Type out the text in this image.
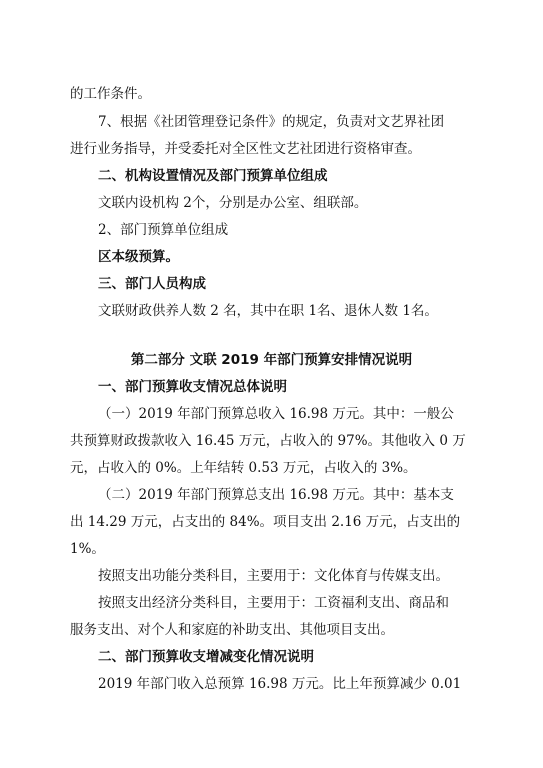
的工作条件。
7、根据《社团管理登记条件》的规定，负责对文艺界社团
进行业务指导，并受委托对全区性文艺社团进行资格审查。
二、机构设置情况及部门预算单位组成
文联内设机构 2个，分别是办公室、组联部。
2、部门预算单位组成
区本级预算。
三、部门人员构成
文联财政供养人数 2 名，其中在职 1名、退休人数 1名。
第二部分 文联 2019 年部门预算安排情况说明
一、部门预算收支情况总体说明
（一）2019 年部门预算总收入 16.98 万元。其中：一般公
共预算财政拨款收入 16.45 万元，占收入的 97%。其他收入 0 万
元，占收入的 0%。上年结转 0.53 万元，占收入的 3%。
（二）2019 年部门预算总支出 16.98 万元。其中：基本支
出 14.29 万元，占支出的 84%。项目支出 2.16 万元，占支出的
1%。
按照支出功能分类科目，主要用于：文化体育与传媒支出。
按照支出经济分类科目，主要用于：工资福利支出、商品和
服务支出、对个人和家庭的补助支出、其他项目支出。
二、部门预算收支增减变化情况说明
2019 年部门收入总预算 16.98 万元。比上年预算减少 0.01
